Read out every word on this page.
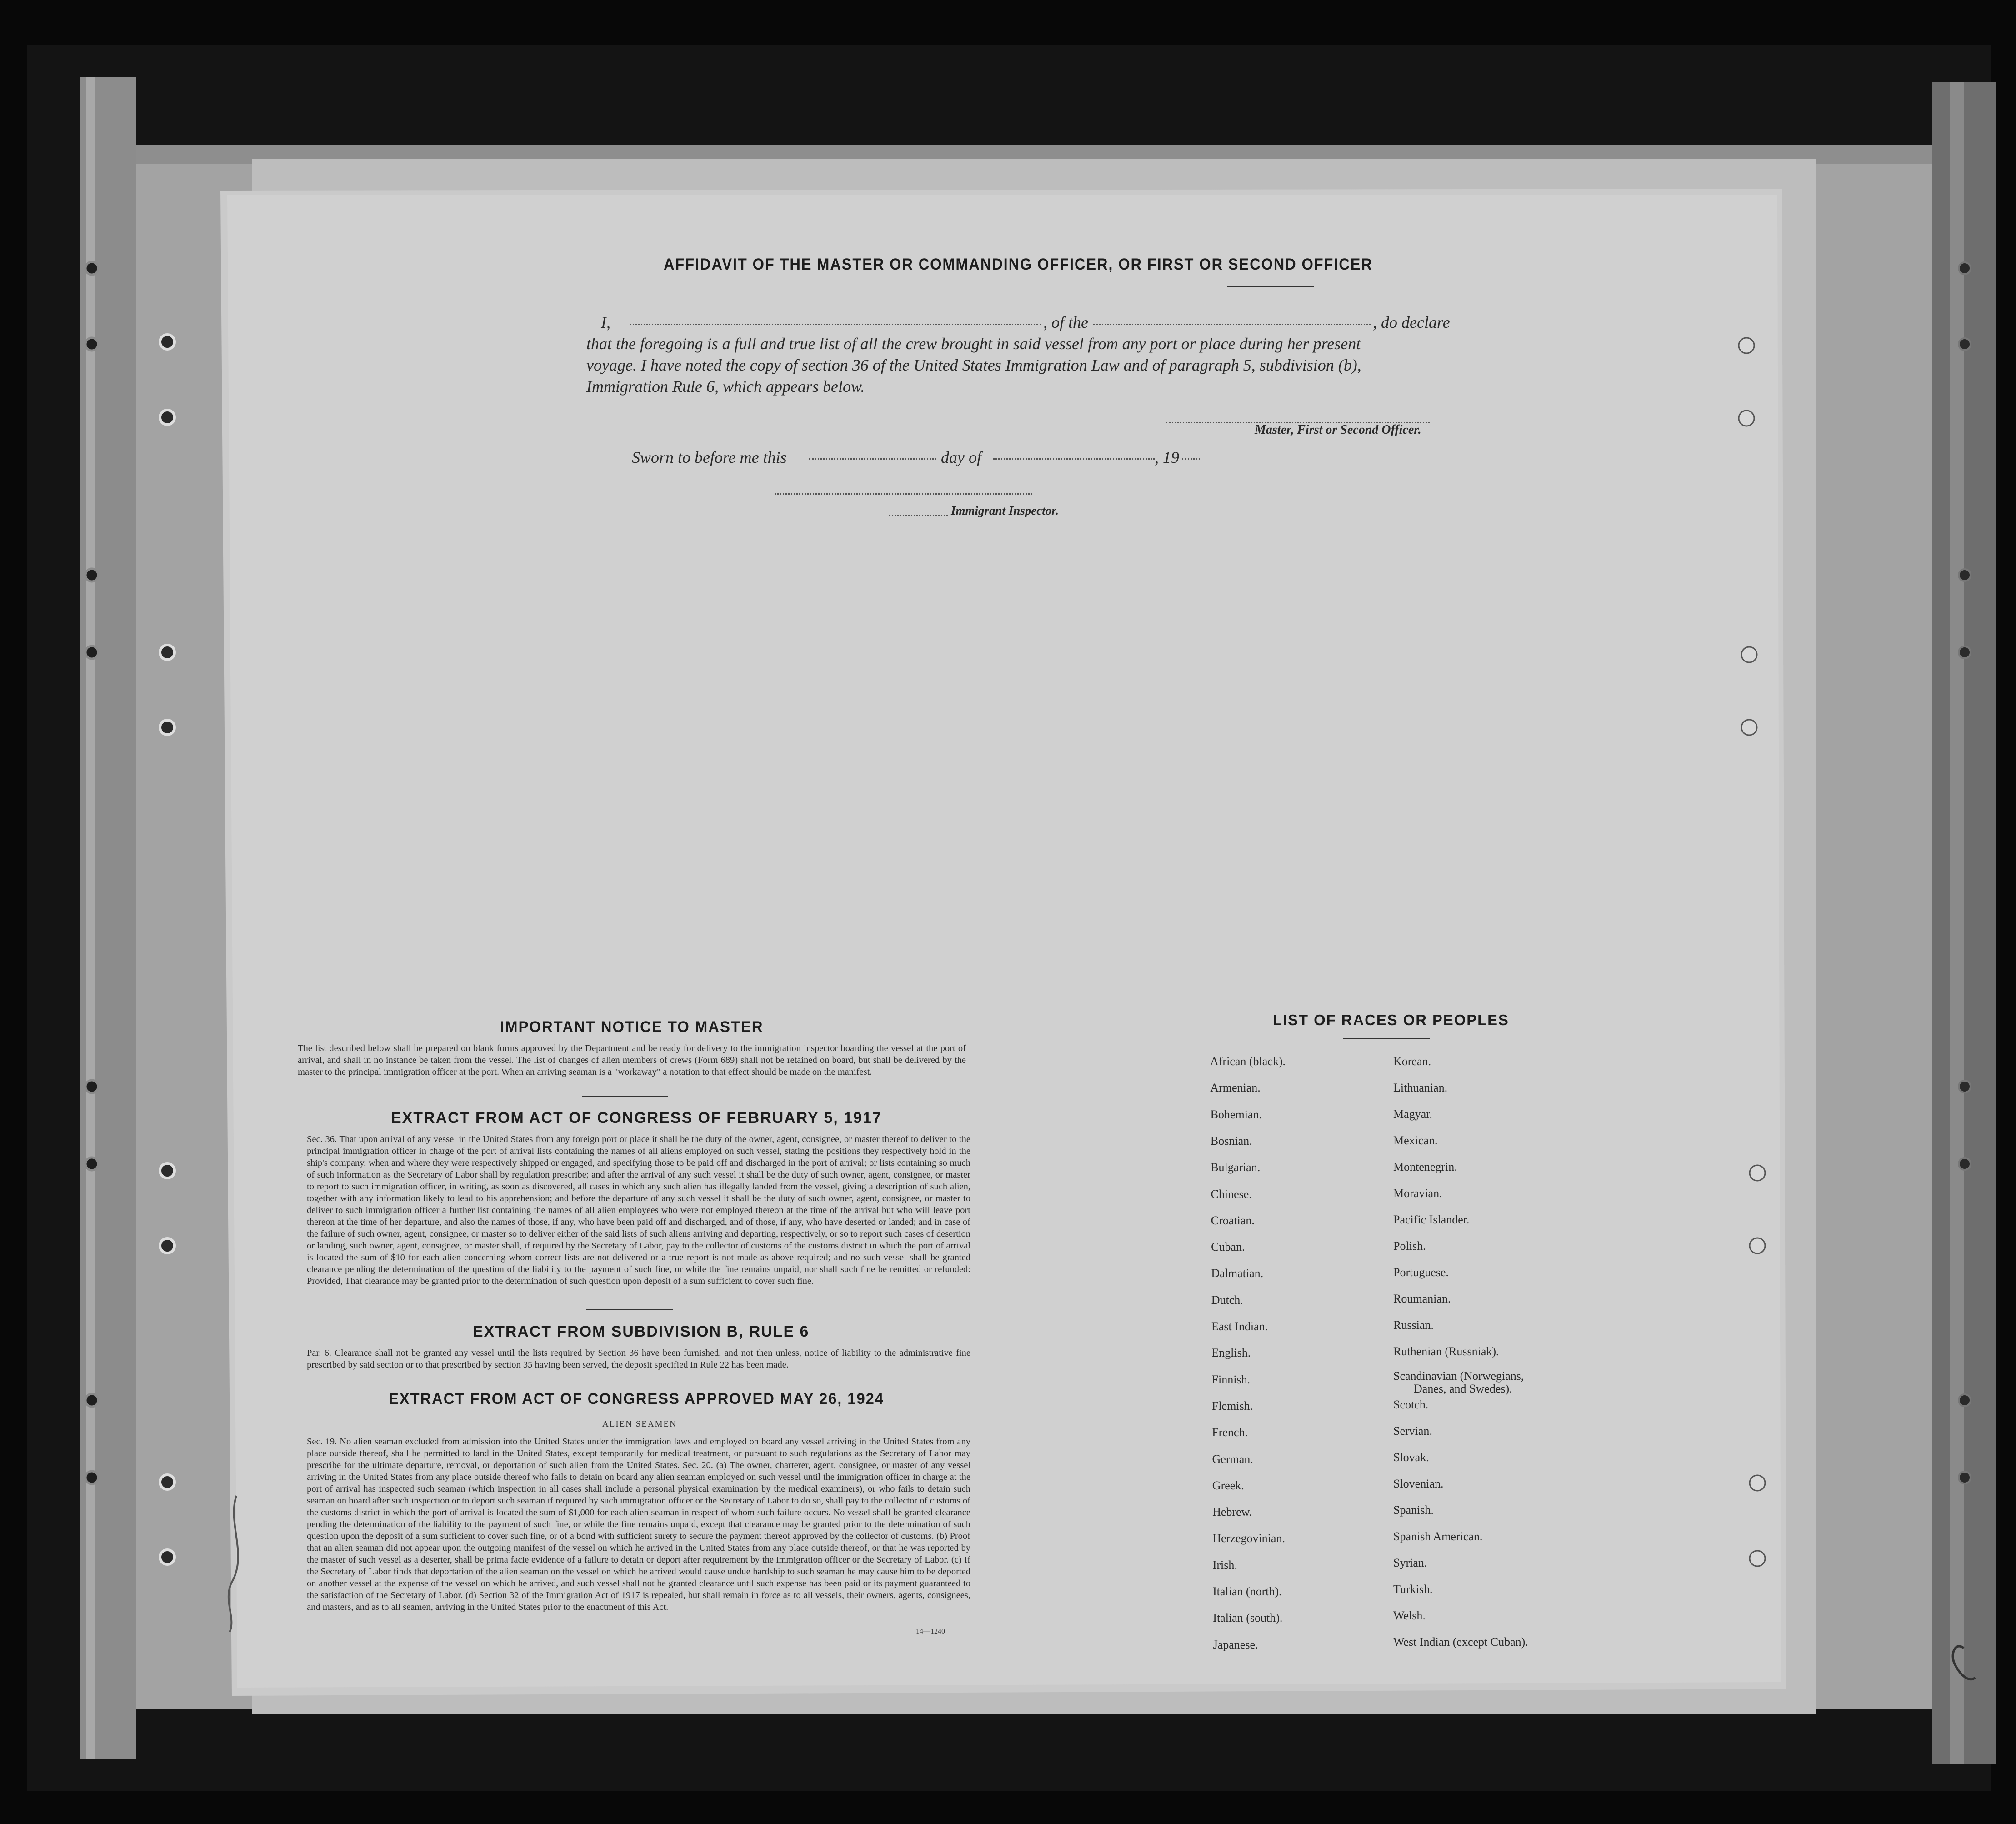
AFFIDAVIT OF THE MASTER OR COMMANDING OFFICER, OR FIRST OR SECOND OFFICER
I,	, of the	, do declare
that the foregoing is a full and true list of all the crew brought in said vessel from any port or place during her present
voyage. I have noted the copy of section 36 of the United States Immigration Law and of paragraph 5, subdivision (b),
Immigration Rule 6, which appears below.
Master, First or Second Officer.
Sworn to before me this	day of	, 19
Immigrant Inspector.
IMPORTANT NOTICE TO MASTER
The list described below shall be prepared on blank forms approved by the Department and be ready for delivery to the immigration inspector boarding the vessel at the port of arrival, and shall in no instance be taken from the vessel. The list of changes of alien members of crews (Form 689) shall not be retained on board, but shall be delivered by the master to the principal immigration officer at the port. When an arriving seaman is a "workaway" a notation to that effect should be made on the manifest.
EXTRACT FROM ACT OF CONGRESS OF FEBRUARY 5, 1917
Sec. 36. That upon arrival of any vessel in the United States from any foreign port or place it shall be the duty of the owner, agent, consignee, or master thereof to deliver to the principal immigration officer in charge of the port of arrival lists containing the names of all aliens employed on such vessel, stating the positions they respectively hold in the ship's company, when and where they were respectively shipped or engaged, and specifying those to be paid off and discharged in the port of arrival; or lists containing so much of such information as the Secretary of Labor shall by regulation prescribe; and after the arrival of any such vessel it shall be the duty of such owner, agent, consignee, or master to report to such immigration officer, in writing, as soon as discovered, all cases in which any such alien has illegally landed from the vessel, giving a description of such alien, together with any information likely to lead to his apprehension; and before the departure of any such vessel it shall be the duty of such owner, agent, consignee, or master to deliver to such immigration officer a further list containing the names of all alien employees who were not employed thereon at the time of the arrival but who will leave port thereon at the time of her departure, and also the names of those, if any, who have been paid off and discharged, and of those, if any, who have deserted or landed; and in case of the failure of such owner, agent, consignee, or master so to deliver either of the said lists of such aliens arriving and departing, respectively, or so to report such cases of desertion or landing, such owner, agent, consignee, or master shall, if required by the Secretary of Labor, pay to the collector of customs of the customs district in which the port of arrival is located the sum of $10 for each alien concerning whom correct lists are not delivered or a true report is not made as above required; and no such vessel shall be granted clearance pending the determination of the question of the liability to the payment of such fine, or while the fine remains unpaid, nor shall such fine be remitted or refunded: Provided, That clearance may be granted prior to the determination of such question upon deposit of a sum sufficient to cover such fine.
EXTRACT FROM SUBDIVISION B, RULE 6
Par. 6. Clearance shall not be granted any vessel until the lists required by Section 36 have been furnished, and not then unless, notice of liability to the administrative fine prescribed by said section or to that prescribed by section 35 having been served, the deposit specified in Rule 22 has been made.
EXTRACT FROM ACT OF CONGRESS APPROVED MAY 26, 1924
ALIEN SEAMEN
Sec. 19. No alien seaman excluded from admission into the United States under the immigration laws and employed on board any vessel arriving in the United States from any place outside thereof, shall be permitted to land in the United States, except temporarily for medical treatment, or pursuant to such regulations as the Secretary of Labor may prescribe for the ultimate departure, removal, or deportation of such alien from the United States. Sec. 20. (a) The owner, charterer, agent, consignee, or master of any vessel arriving in the United States from any place outside thereof who fails to detain on board any alien seaman employed on such vessel until the immigration officer in charge at the port of arrival has inspected such seaman (which inspection in all cases shall include a personal physical examination by the medical examiners), or who fails to detain such seaman on board after such inspection or to deport such seaman if required by such immigration officer or the Secretary of Labor to do so, shall pay to the collector of customs of the customs district in which the port of arrival is located the sum of $1,000 for each alien seaman in respect of whom such failure occurs. No vessel shall be granted clearance pending the determination of the liability to the payment of such fine, or while the fine remains unpaid, except that clearance may be granted prior to the determination of such question upon the deposit of a sum sufficient to cover such fine, or of a bond with sufficient surety to secure the payment thereof approved by the collector of customs. (b) Proof that an alien seaman did not appear upon the outgoing manifest of the vessel on which he arrived in the United States from any place outside thereof, or that he was reported by the master of such vessel as a deserter, shall be prima facie evidence of a failure to detain or deport after requirement by the immigration officer or the Secretary of Labor. (c) If the Secretary of Labor finds that deportation of the alien seaman on the vessel on which he arrived would cause undue hardship to such seaman he may cause him to be deported on another vessel at the expense of the vessel on which he arrived, and such vessel shall not be granted clearance until such expense has been paid or its payment guaranteed to the satisfaction of the Secretary of Labor. (d) Section 32 of the Immigration Act of 1917 is repealed, but shall remain in force as to all vessels, their owners, agents, consignees, and masters, and as to all seamen, arriving in the United States prior to the enactment of this Act.
14—1240
LIST OF RACES OR PEOPLES
African (black).
Armenian.
Bohemian.
Bosnian.
Bulgarian.
Chinese.
Croatian.
Cuban.
Dalmatian.
Dutch.
East Indian.
English.
Finnish.
Flemish.
French.
German.
Greek.
Hebrew.
Herzegovinian.
Irish.
Italian (north).
Italian (south).
Japanese.
Korean.
Lithuanian.
Magyar.
Mexican.
Montenegrin.
Moravian.
Pacific Islander.
Polish.
Portuguese.
Roumanian.
Russian.
Ruthenian (Russniak).
Scandinavian (Norwegians,
Danes, and Swedes).
Scotch.
Servian.
Slovak.
Slovenian.
Spanish.
Spanish American.
Syrian.
Turkish.
Welsh.
West Indian (except Cuban).
